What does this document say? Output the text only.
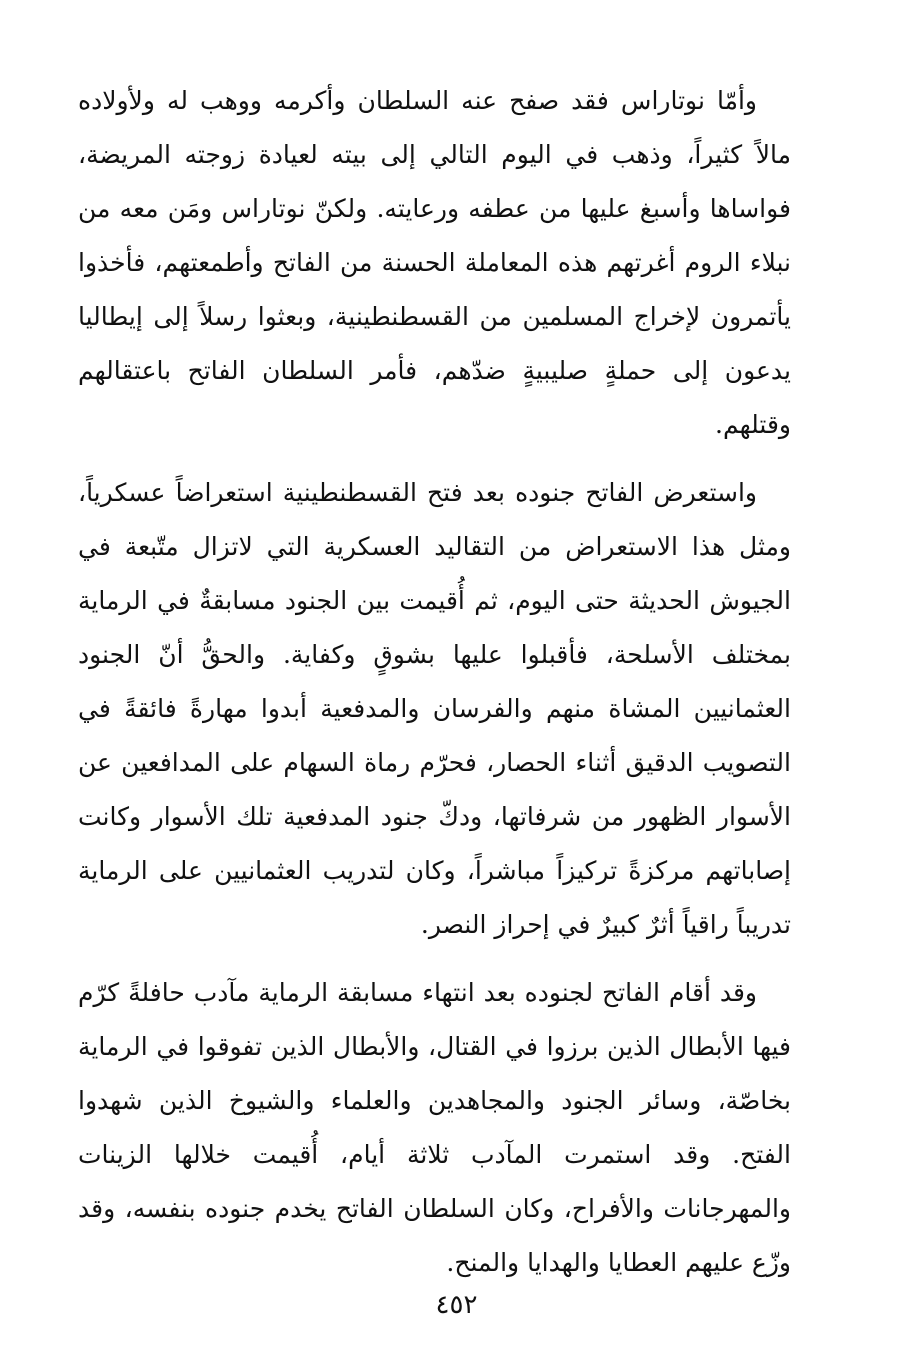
وأمّا نوتاراس فقد صفح عنه السلطان وأكرمه ووهب له ولأولاده مالاً كثيراً، وذهب في اليوم التالي إلى بيته لعيادة زوجته المريضة، فواساها وأسبغ عليها من عطفه ورعايته. ولكنّ نوتاراس ومَن معه من نبلاء الروم أغرتهم هذه المعاملة الحسنة من الفاتح وأطمعتهم، فأخذوا يأتمرون لإخراج المسلمين من القسطنطينية، وبعثوا رسلاً إلى إيطاليا يدعون إلى حملةٍ صليبيةٍ ضدّهم، فأمر السلطان الفاتح باعتقالهم وقتلهم.

واستعرض الفاتح جنوده بعد فتح القسطنطينية استعراضاً عسكرياً، ومثل هذا الاستعراض من التقاليد العسكرية التي لاتزال متّبعة في الجيوش الحديثة حتى اليوم، ثم أُقيمت بين الجنود مسابقةٌ في الرماية بمختلف الأسلحة، فأقبلوا عليها بشوقٍ وكفاية. والحقُّ أنّ الجنود العثمانيين المشاة منهم والفرسان والمدفعية أبدوا مهارةً فائقةً في التصويب الدقيق أثناء الحصار، فحرّم رماة السهام على المدافعين عن الأسوار الظهور من شرفاتها، ودكّ جنود المدفعية تلك الأسوار وكانت إصاباتهم مركزةً تركيزاً مباشراً، وكان لتدريب العثمانيين على الرماية تدريباً راقياً أثرٌ كبيرٌ في إحراز النصر.

وقد أقام الفاتح لجنوده بعد انتهاء مسابقة الرماية مآدب حافلةً كرّم فيها الأبطال الذين برزوا في القتال، والأبطال الذين تفوقوا في الرماية بخاصّة، وسائر الجنود والمجاهدين والعلماء والشيوخ الذين شهدوا الفتح. وقد استمرت المآدب ثلاثة أيام، أُقيمت خلالها الزينات والمهرجانات والأفراح، وكان السلطان الفاتح يخدم جنوده بنفسه، وقد وزّع عليهم العطايا والهدايا والمنح.

٤٥٢
